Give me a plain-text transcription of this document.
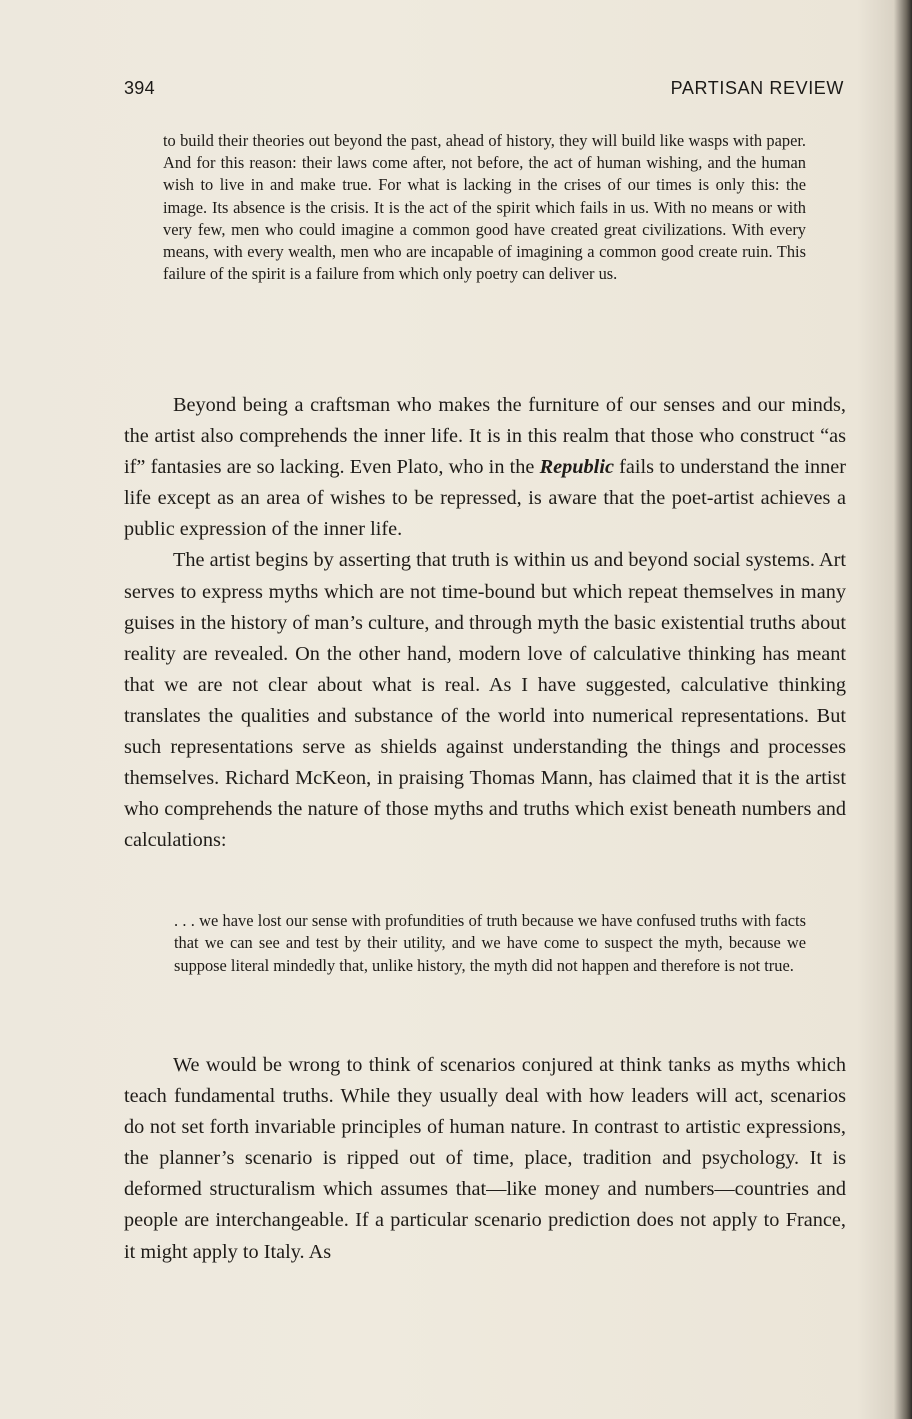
394	PARTISAN REVIEW

to build their theories out beyond the past, ahead of history, they will build like wasps with paper. And for this reason: their laws come after, not before, the act of human wishing, and the human wish to live in and make true. For what is lacking in the crises of our times is only this: the image. Its absence is the crisis. It is the act of the spirit which fails in us. With no means or with very few, men who could imagine a common good have created great civilizations. With every means, with every wealth, men who are incapable of imagining a common good create ruin. This failure of the spirit is a failure from which only poetry can deliver us.

Beyond being a craftsman who makes the furniture of our senses and our minds, the artist also comprehends the inner life. It is in this realm that those who construct “as if” fantasies are so lacking. Even Plato, who in the Republic fails to understand the inner life except as an area of wishes to be repressed, is aware that the poet-artist achieves a public expression of the inner life.

The artist begins by asserting that truth is within us and beyond social systems. Art serves to express myths which are not time-bound but which repeat themselves in many guises in the history of man’s culture, and through myth the basic existential truths about reality are revealed. On the other hand, modern love of calculative thinking has meant that we are not clear about what is real. As I have suggested, calculative thinking translates the qualities and substance of the world into numerical representations. But such representations serve as shields against understanding the things and processes themselves. Richard McKeon, in praising Thomas Mann, has claimed that it is the artist who comprehends the nature of those myths and truths which exist beneath numbers and calculations:

. . . we have lost our sense with profundities of truth because we have confused truths with facts that we can see and test by their utility, and we have come to suspect the myth, because we suppose literal mindedly that, unlike history, the myth did not happen and therefore is not true.

We would be wrong to think of scenarios conjured at think tanks as myths which teach fundamental truths. While they usually deal with how leaders will act, scenarios do not set forth invariable principles of human nature. In contrast to artistic expressions, the planner’s scenario is ripped out of time, place, tradition and psychology. It is deformed structuralism which assumes that—like money and numbers—countries and people are interchangeable. If a particular scenario prediction does not apply to France, it might apply to Italy. As
